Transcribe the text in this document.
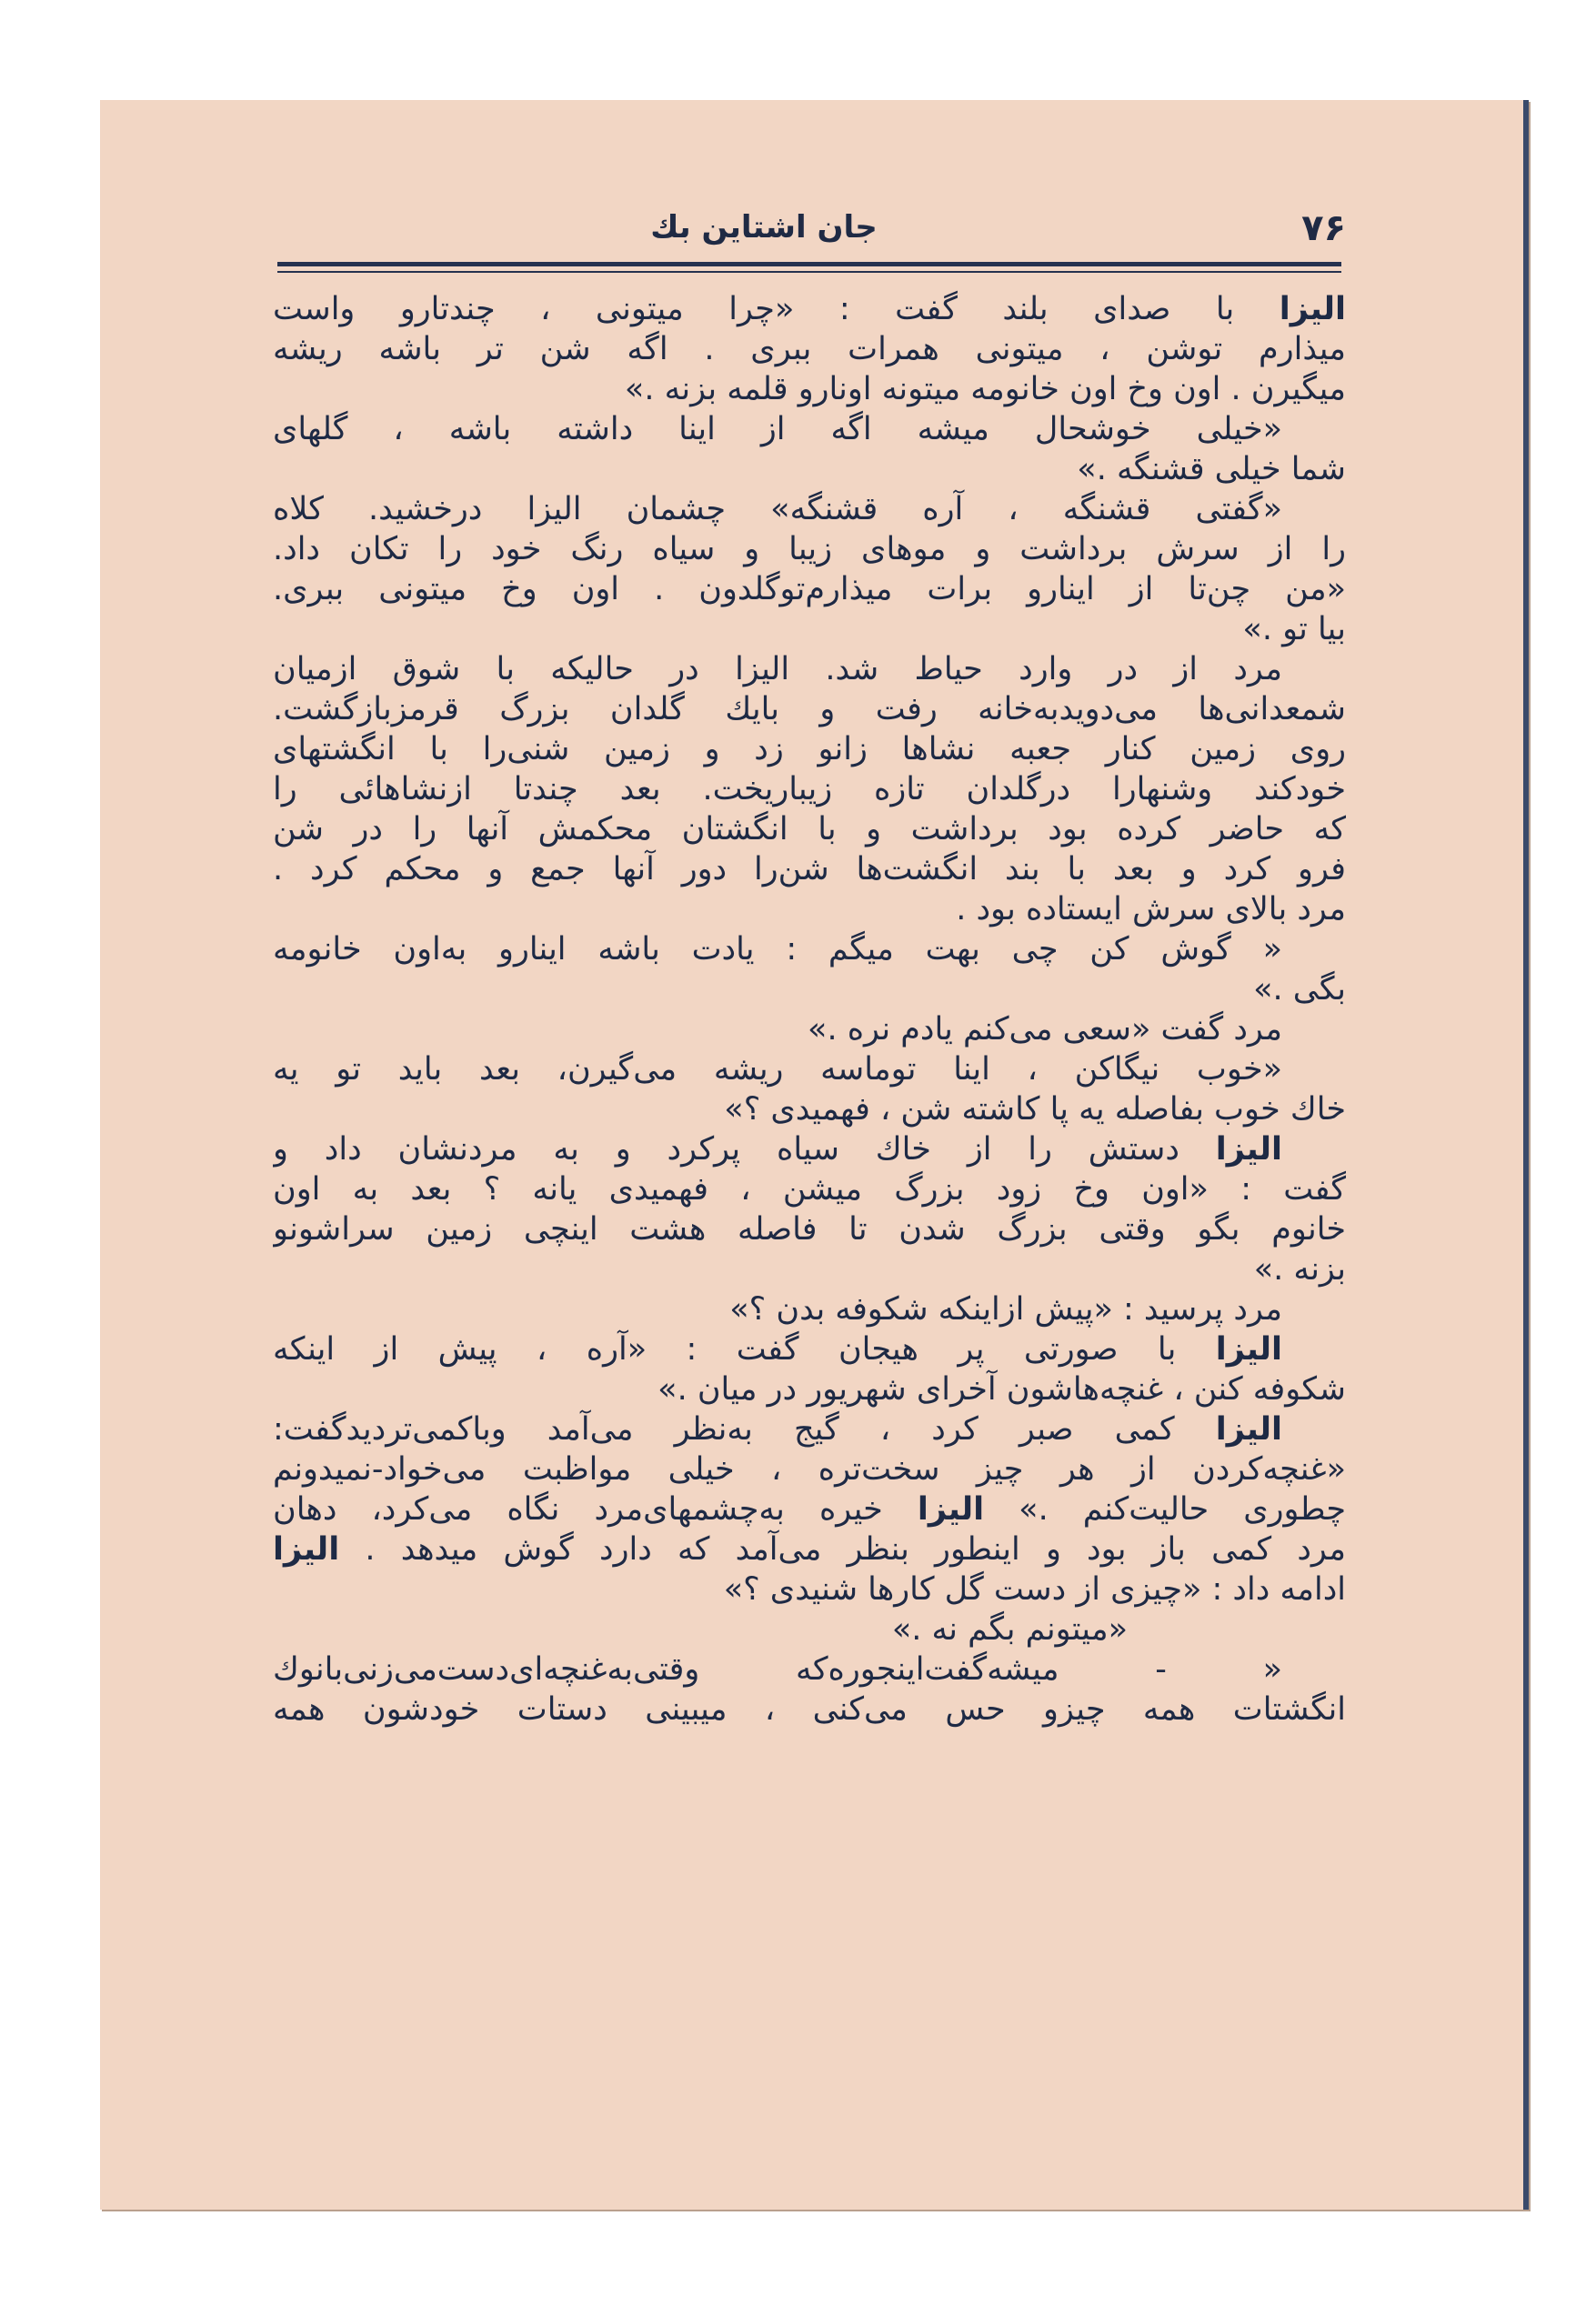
۷۶
جان اشتاین بك
اليزا با صدای بلند گفت : «چرا میتونی ، چندتارو واست
میذارم توشن ، میتونی همرات ببری . اگه شن تر باشه ریشه
میگیرن . اون وخ اون خانومه میتونه اونارو قلمه بزنه .»
«خیلی خوشحال میشه اگه از اینا داشته باشه ، گلهای
شما خیلی قشنگه .»
«گفتی قشنگه ، آره قشنگه» چشمان الیزا درخشید. کلاه
را از سرش برداشت و موهای زیبا و سیاه رنگ خود را تکان داد.
«من چن‌تا از اینارو برات میذارم‌توگلدون . اون وخ میتونی ببری.
بیا تو .»
مرد از در وارد حیاط شد. الیزا در حالیکه با شوق ازمیان
شمعدانی‌ها می‌دویدبه‌خانه رفت و بایك گلدان بزرگ قرمزبازگشت.
روی زمین کنار جعبه نشاها زانو زد و زمین شنی‌را با انگشتهای
خودکند وشنهارا درگلدان تازه زیباریخت. بعد چندتا ازنشاهائی را
که حاضر کرده بود برداشت و با انگشتان محکمش آنها را در شن
فرو کرد و بعد با بند انگشت‌ها شن‌را دور آنها جمع و محکم کرد .
مرد بالای سرش ایستاده بود .
« گوش کن چی بهت میگم : یادت باشه اینارو به‌اون خانومه
بگی .»
مرد گفت «سعی می‌کنم یادم نره .»
«خوب نیگاکن ، اینا توماسه ریشه می‌گیرن، بعد باید تو یه
خاك خوب بفاصله یه پا کاشته شن ، فهمیدی ؟»
اليزا دستش را از خاك سیاه پرکرد و به مردنشان داد و
گفت : «اون وخ زود بزرگ میشن ، فهمیدی یانه ؟ بعد به اون
خانوم بگو وقتی بزرگ شدن تا فاصله هشت اینچی زمین سراشونو
بزنه .»
مرد پرسید : «پیش ازاینکه شکوفه بدن ؟»
اليزا با صورتی پر هیجان گفت : «آره ، پیش از اینکه
شکوفه کنن ، غنچه‌هاشون آخرای شهریور در میان .»
اليزا کمی صبر کرد ، گیج به‌نظر می‌آمد وباکمی‌تردیدگفت:
«غنچه‌کردن از هر چیز سخت‌تره ، خیلی مواظبت می‌خواد-نمیدونم
چطوری حالیت‌کنم .» اليزا خیره به‌چشمهای‌مرد نگاه می‌کرد، دهان
مرد کمی باز بود و اینطور بنظر می‌آمد که دارد گوش میدهد . اليزا
ادامه داد : «چیزی از دست گل کارها شنیدی ؟»
«میتونم بگم نه .»
« - میشه‌گفت‌اینجوره‌که وقتی‌به‌غنچه‌ای‌دست‌می‌زنی‌بانوك
انگشتات همه چیزو حس می‌کنی ، میبینی دستات خودشون همه
